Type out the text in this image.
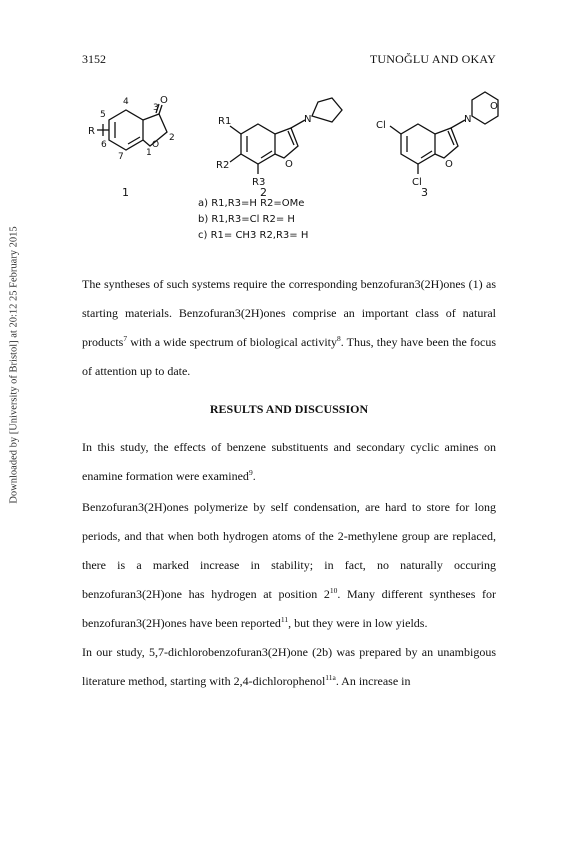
Downloaded by [University of Bristol] at 20:12 25 February 2015
3152	TUNOĞLU AND OKAY
4
5
R
6
7 1
2
3
O
O
R1
R2
R3
O
N
Cl
Cl
O
N
O
1	2	3
a) R1,R3=H R2=OMe
b) R1,R3=Cl R2= H
c) R1= CH3 R2,R3= H
The syntheses of such systems require the corresponding benzofuran3(2H)ones (1) as starting materials. Benzofuran3(2H)ones comprise an important class of natural products$^7$ with a wide spectrum of biological activity$^8$. Thus, they have been the focus of attention up to date.
RESULTS AND DISCUSSION
In this study, the effects of benzene substituents and secondary cyclic amines on enamine formation were examined$^9$.
Benzofuran3(2H)ones polymerize by self condensation, are hard to store for long periods, and that when both hydrogen atoms of the 2-methylene group are replaced, there is a marked increase in stability; in fact, no naturally occuring benzofuran3(2H)one has hydrogen at position $2^{10}$. Many different syntheses for benzofuran3(2H)ones have been reported$^{11}$, but they were in low yields.
In our study, 5,7-dichlorobenzofuran3(2H)one (2b) was prepared by an unambigous literature method, starting with 2,4-dichlorophenol$^{11a}$. An increase in
